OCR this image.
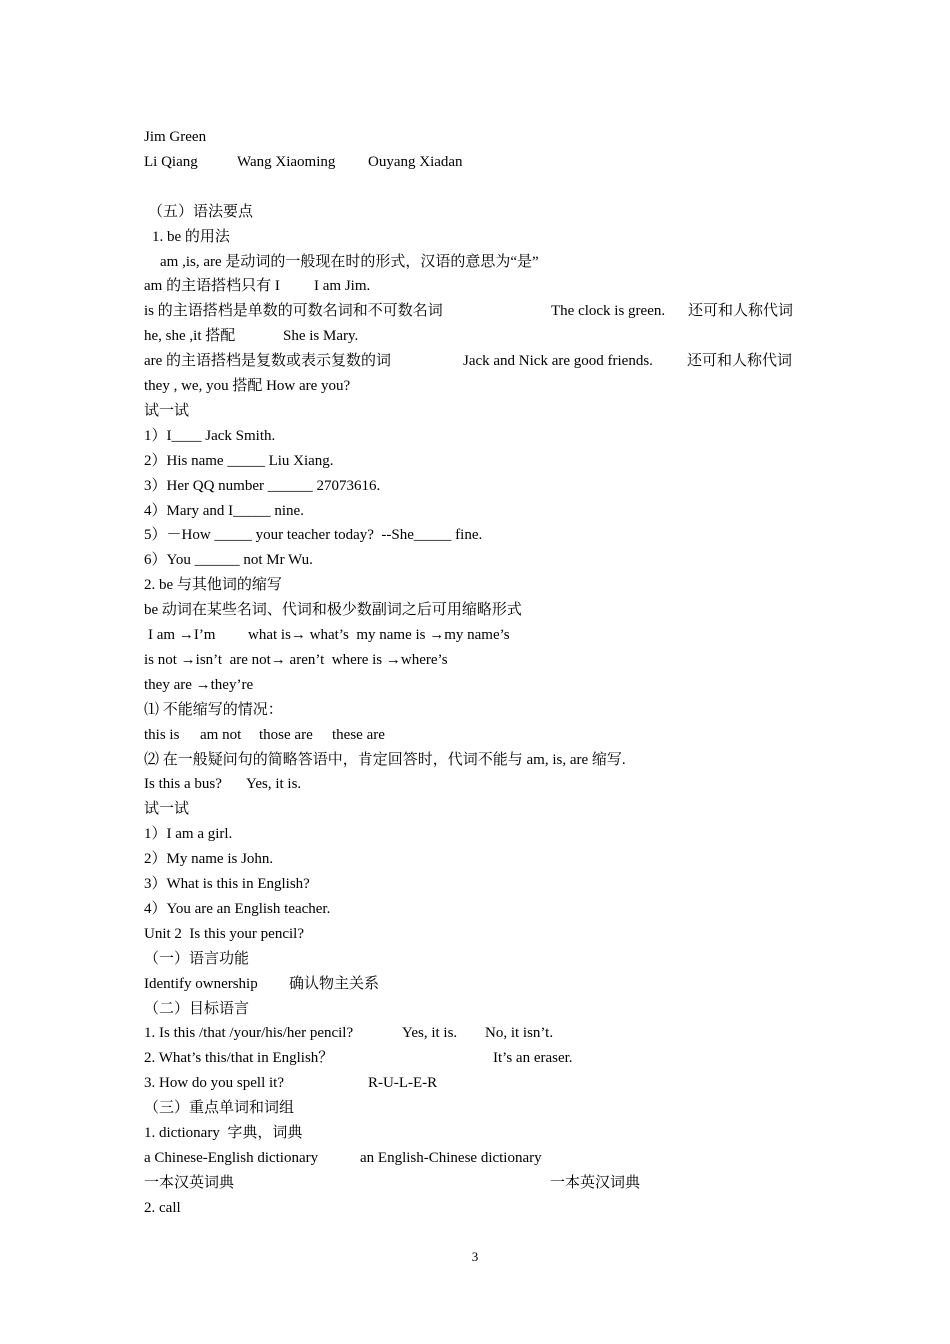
Jim Green
Li Qiang	Wang Xiaoming Ouyang Xiadan
（五）语法要点
1. be 的用法
am ,is, are 是动词的一般现在时的形式，汉语的意思为“是”
am 的主语搭档只有 I I am Jim.
is 的主语搭档是单数的可数名词和不可数名词	The clock is green. 还可和人称代词
he, she ,it 搭配	She is Mary.
are 的主语搭档是复数或表示复数的词	Jack and Nick are good friends. 还可和人称代词
they , we, you 搭配 How are you?
试一试
1）I____ Jack Smith.
2）His name _____ Liu Xiang.
3）Her QQ number ______ 27073616.
4）Mary and I_____ nine.
5）－How _____ your teacher today?  --She_____ fine.
6）You ______ not Mr Wu.
2. be 与其他词的缩写
be 动词在某些名词、代词和极少数副词之后可用缩略形式
I am →I’m what is→ what’s  my name is →my name’s
is not →isn’t  are not→ aren’t  where is →where’s
they are →they’re
⑴ 不能缩写的情况：
this is am not those are these are
⑵ 在一般疑问句的简略答语中，肯定回答时，代词不能与 am, is, are 缩写.
Is this a bus? Yes, it is.
试一试
1）I am a girl.
2）My name is John.
3）What is this in English?
4）You are an English teacher.
Unit 2  Is this your pencil?
（一）语言功能
Identify ownership 确认物主关系
（二）目标语言
1. Is this /that /your/his/her pencil?	Yes, it is. No, it isn’t.
2. What’s this/that in English？	It’s an eraser.
3. How do you spell it?	R-U-L-E-R
（三）重点单词和词组
1. dictionary  字典，词典
a Chinese-English dictionary	an English-Chinese dictionary
一本汉英词典	一本英汉词典
2. call
3
